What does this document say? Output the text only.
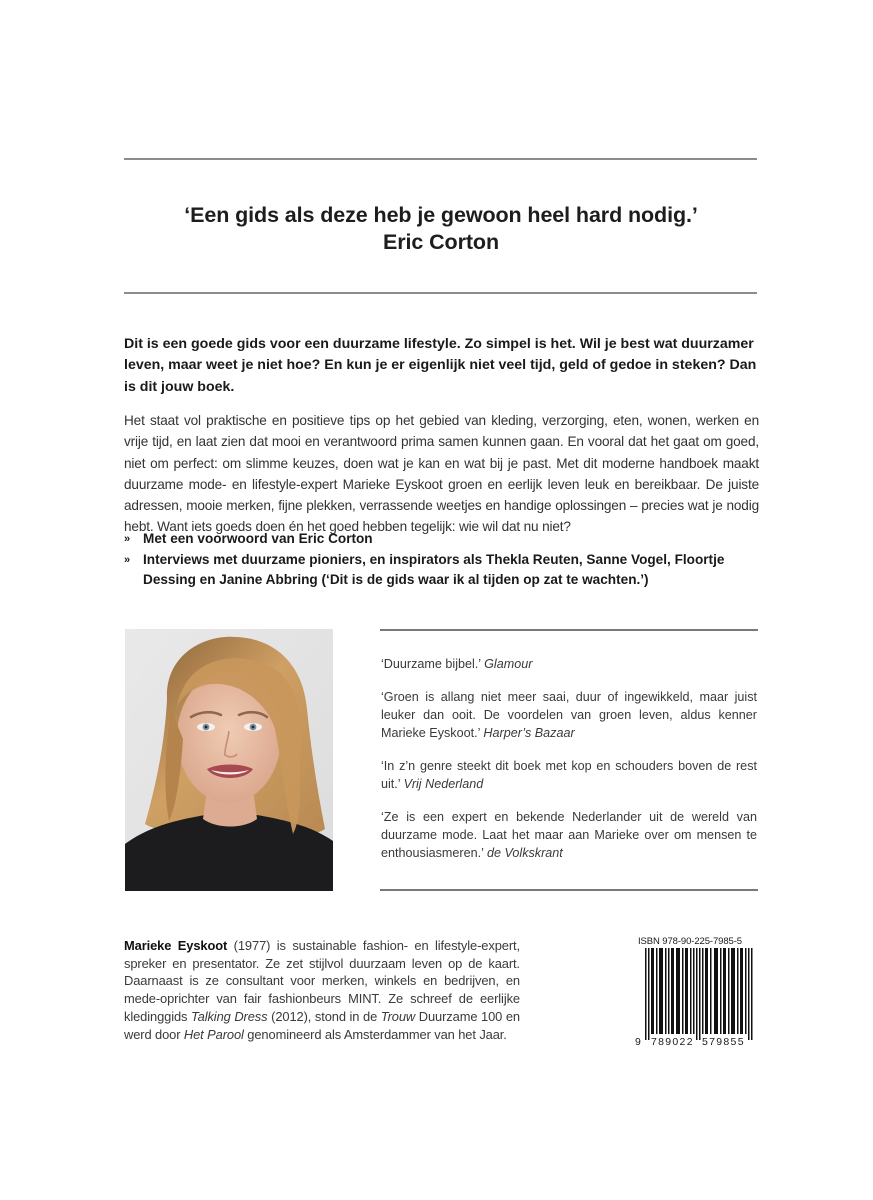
‘Een gids als deze heb je gewoon heel hard nodig.’
Eric Corton

Dit is een goede gids voor een duurzame lifestyle. Zo simpel is het. Wil je best wat duurzamer leven, maar weet je niet hoe? En kun je er eigenlijk niet veel tijd, geld of gedoe in steken? Dan is dit jouw boek.

Het staat vol praktische en positieve tips op het gebied van kleding, verzorging, eten, wonen, werken en vrije tijd, en laat zien dat mooi en verantwoord prima samen kunnen gaan. En vooral dat het gaat om goed, niet om perfect: om slimme keuzes, doen wat je kan en wat bij je past. Met dit moderne handboek maakt duurzame mode- en lifestyle-expert Marieke Eyskoot groen en eerlijk leven leuk en bereikbaar. De juiste adressen, mooie merken, fijne plekken, verrassende weetjes en handige oplossingen – precies wat je nodig hebt. Want iets goeds doen én het goed hebben tegelijk: wie wil dat nu niet?

» Met een voorwoord van Eric Corton
» Interviews met duurzame pioniers, en inspirators als Thekla Reuten, Sanne Vogel, Floortje Dessing en Janine Abbring (‘Dit is de gids waar ik al tijden op zat te wachten.’)

‘Duurzame bijbel.’ Glamour

‘Groen is allang niet meer saai, duur of ingewikkeld, maar juist leuker dan ooit. De voordelen van groen leven, aldus kenner Marieke Eyskoot.’ Harper’s Bazaar

‘In z’n genre steekt dit boek met kop en schouders boven de rest uit.’ Vrij Nederland

‘Ze is een expert en bekende Nederlander uit de wereld van duurzame mode. Laat het maar aan Marieke over om mensen te enthousiasmeren.’ de Volkskrant

Marieke Eyskoot (1977) is sustainable fashion- en lifestyle-expert, spreker en presentator. Ze zet stijlvol duurzaam leven op de kaart. Daarnaast is ze consultant voor merken, winkels en bedrijven, en mede-oprichter van fair fashionbeurs MINT. Ze schreef de eerlijke kledinggids Talking Dress (2012), stond in de Trouw Duurzame 100 en werd door Het Parool genomineerd als Amsterdammer van het Jaar.

ISBN 978-90-225-7985-5
9 789022 579855
